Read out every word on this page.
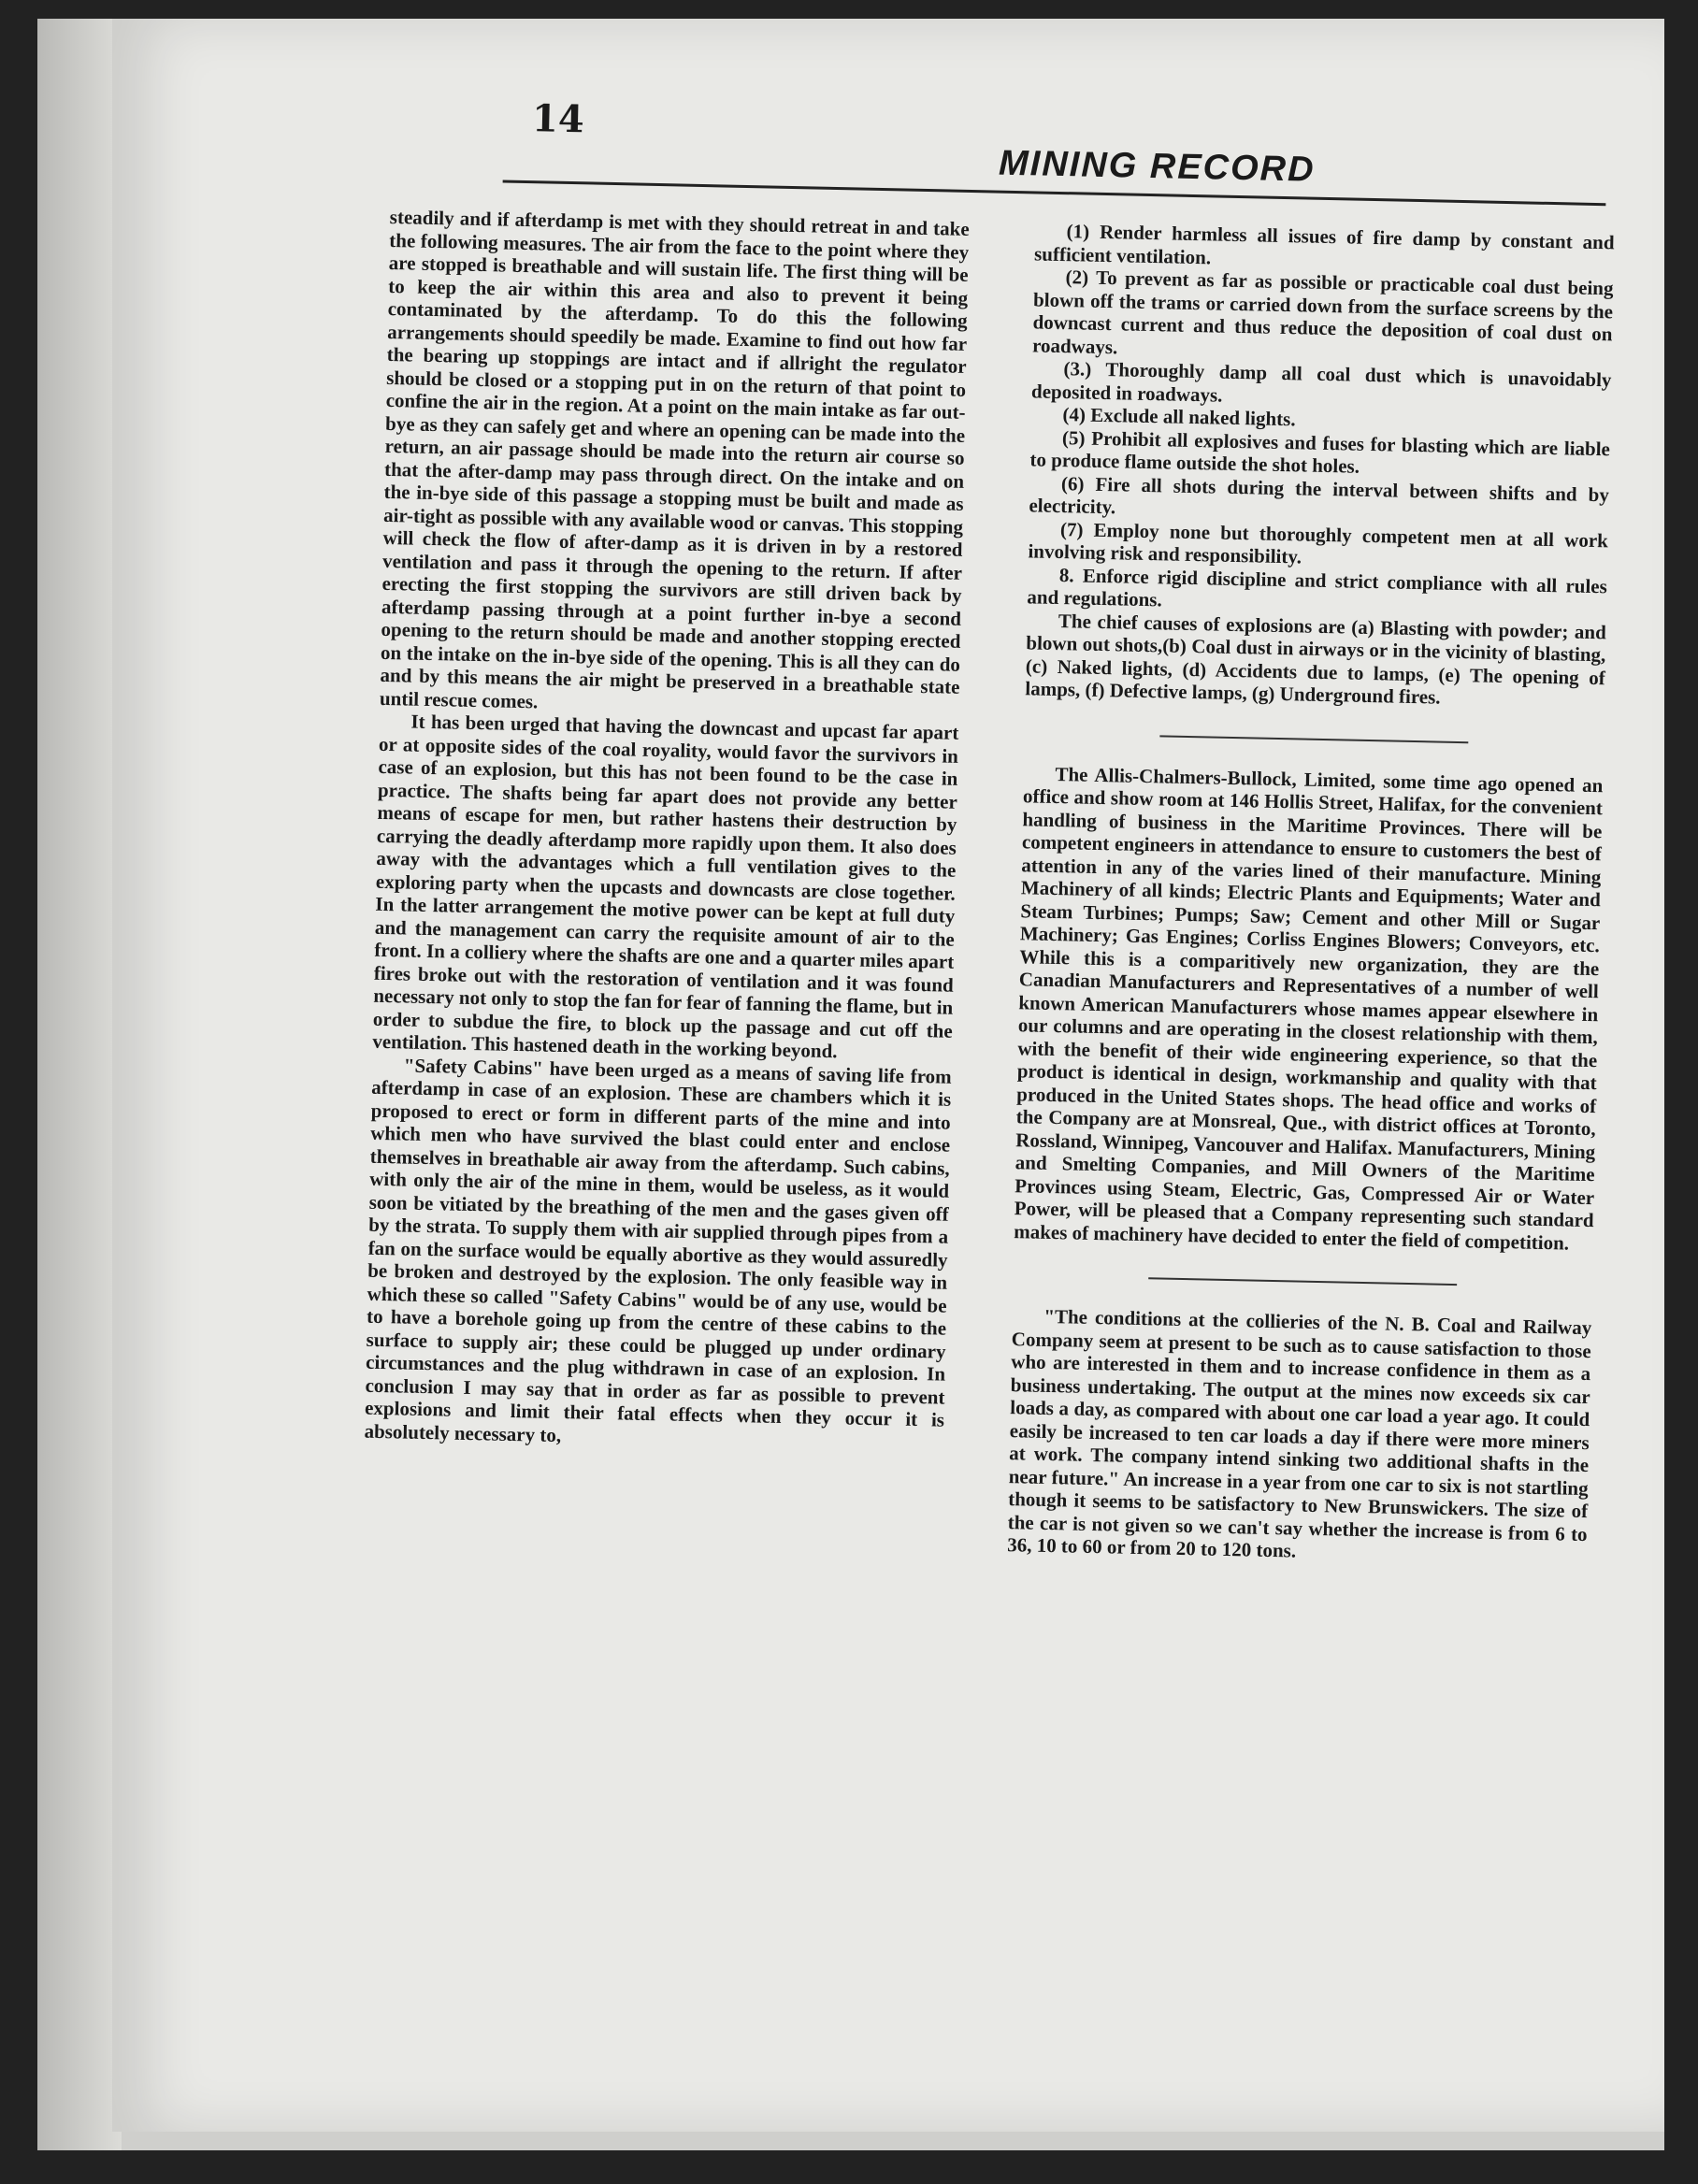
14
MINING RECORD

steadily and if afterdamp is met with they should retreat in and take the following measures. The air from the face to the point where they are stopped is breathable and will sustain life. The first thing will be to keep the air within this area and also to prevent it being contaminated by the afterdamp. To do this the following arrangements should speedily be made. Examine to find out how far the bearing up stoppings are intact and if allright the regulator should be closed or a stopping put in on the return of that point to confine the air in the region. At a point on the main intake as far out-bye as they can safely get and where an opening can be made into the return, an air passage should be made into the return air course so that the after-damp may pass through direct. On the intake and on the in-bye side of this passage a stopping must be built and made as air-tight as possible with any available wood or canvas. This stopping will check the flow of after-damp as it is driven in by a restored ventilation and pass it through the opening to the return. If after erecting the first stopping the survivors are still driven back by afterdamp passing through at a point further in-bye a second opening to the return should be made and another stopping erected on the intake on the in-bye side of the opening. This is all they can do and by this means the air might be preserved in a breathable state until rescue comes.

It has been urged that having the downcast and upcast far apart or at opposite sides of the coal royality, would favor the survivors in case of an explosion, but this has not been found to be the case in practice. The shafts being far apart does not provide any better means of escape for men, but rather hastens their destruction by carrying the deadly afterdamp more rapidly upon them. It also does away with the advantages which a full ventilation gives to the exploring party when the upcasts and downcasts are close together. In the latter arrangement the motive power can be kept at full duty and the management can carry the requisite amount of air to the front. In a colliery where the shafts are one and a quarter miles apart fires broke out with the restoration of ventilation and it was found necessary not only to stop the fan for fear of fanning the flame, but in order to subdue the fire, to block up the passage and cut off the ventilation. This hastened death in the working beyond.

"Safety Cabins" have been urged as a means of saving life from afterdamp in case of an explosion. These are chambers which it is proposed to erect or form in different parts of the mine and into which men who have survived the blast could enter and enclose themselves in breathable air away from the afterdamp. Such cabins, with only the air of the mine in them, would be useless, as it would soon be vitiated by the breathing of the men and the gases given off by the strata. To supply them with air supplied through pipes from a fan on the surface would be equally abortive as they would assuredly be broken and destroyed by the explosion. The only feasible way in which these so called "Safety Cabins" would be of any use, would be to have a borehole going up from the centre of these cabins to the surface to supply air; these could be plugged up under ordinary circumstances and the plug withdrawn in case of an explosion. In conclusion I may say that in order as far as possible to prevent explosions and limit their fatal effects when they occur it is absolutely necessary to,

(1) Render harmless all issues of fire damp by constant and sufficient ventilation.

(2) To prevent as far as possible or practicable coal dust being blown off the trams or carried down from the surface screens by the downcast current and thus reduce the deposition of coal dust on roadways.

(3.) Thoroughly damp all coal dust which is unavoidably deposited in roadways.

(4) Exclude all naked lights.

(5) Prohibit all explosives and fuses for blasting which are liable to produce flame outside the shot holes.

(6) Fire all shots during the interval between shifts and by electricity.

(7) Employ none but thoroughly competent men at all work involving risk and responsibility.

8. Enforce rigid discipline and strict compliance with all rules and regulations.

The chief causes of explosions are (a) Blasting with powder; and blown out shots,(b) Coal dust in airways or in the vicinity of blasting, (c) Naked lights, (d) Accidents due to lamps, (e) The opening of lamps, (f) Defective lamps, (g) Underground fires.

The Allis-Chalmers-Bullock, Limited, some time ago opened an office and show room at 146 Hollis Street, Halifax, for the convenient handling of business in the Maritime Provinces. There will be competent engineers in attendance to ensure to customers the best of attention in any of the varies lined of their manufacture. Mining Machinery of all kinds; Electric Plants and Equipments; Water and Steam Turbines; Pumps; Saw; Cement and other Mill or Sugar Machinery; Gas Engines; Corliss Engines Blowers; Conveyors, etc. While this is a comparitively new organization, they are the Canadian Manufacturers and Representatives of a number of well known American Manufacturers whose mames appear elsewhere in our columns and are operating in the closest relationship with them, with the benefit of their wide engineering experience, so that the product is identical in design, workmanship and quality with that produced in the United States shops. The head office and works of the Company are at Monsreal, Que., with district offices at Toronto, Rossland, Winnipeg, Vancouver and Halifax. Manufacturers, Mining and Smelting Companies, and Mill Owners of the Maritime Provinces using Steam, Electric, Gas, Compressed Air or Water Power, will be pleased that a Company representing such standard makes of machinery have decided to enter the field of competition.

"The conditions at the collieries of the N. B. Coal and Railway Company seem at present to be such as to cause satisfaction to those who are interested in them and to increase confidence in them as a business undertaking. The output at the mines now exceeds six car loads a day, as compared with about one car load a year ago. It could easily be increased to ten car loads a day if there were more miners at work. The company intend sinking two additional shafts in the near future." An increase in a year from one car to six is not startling though it seems to be satisfactory to New Brunswickers. The size of the car is not given so we can't say whether the increase is from 6 to 36, 10 to 60 or from 20 to 120 tons.
